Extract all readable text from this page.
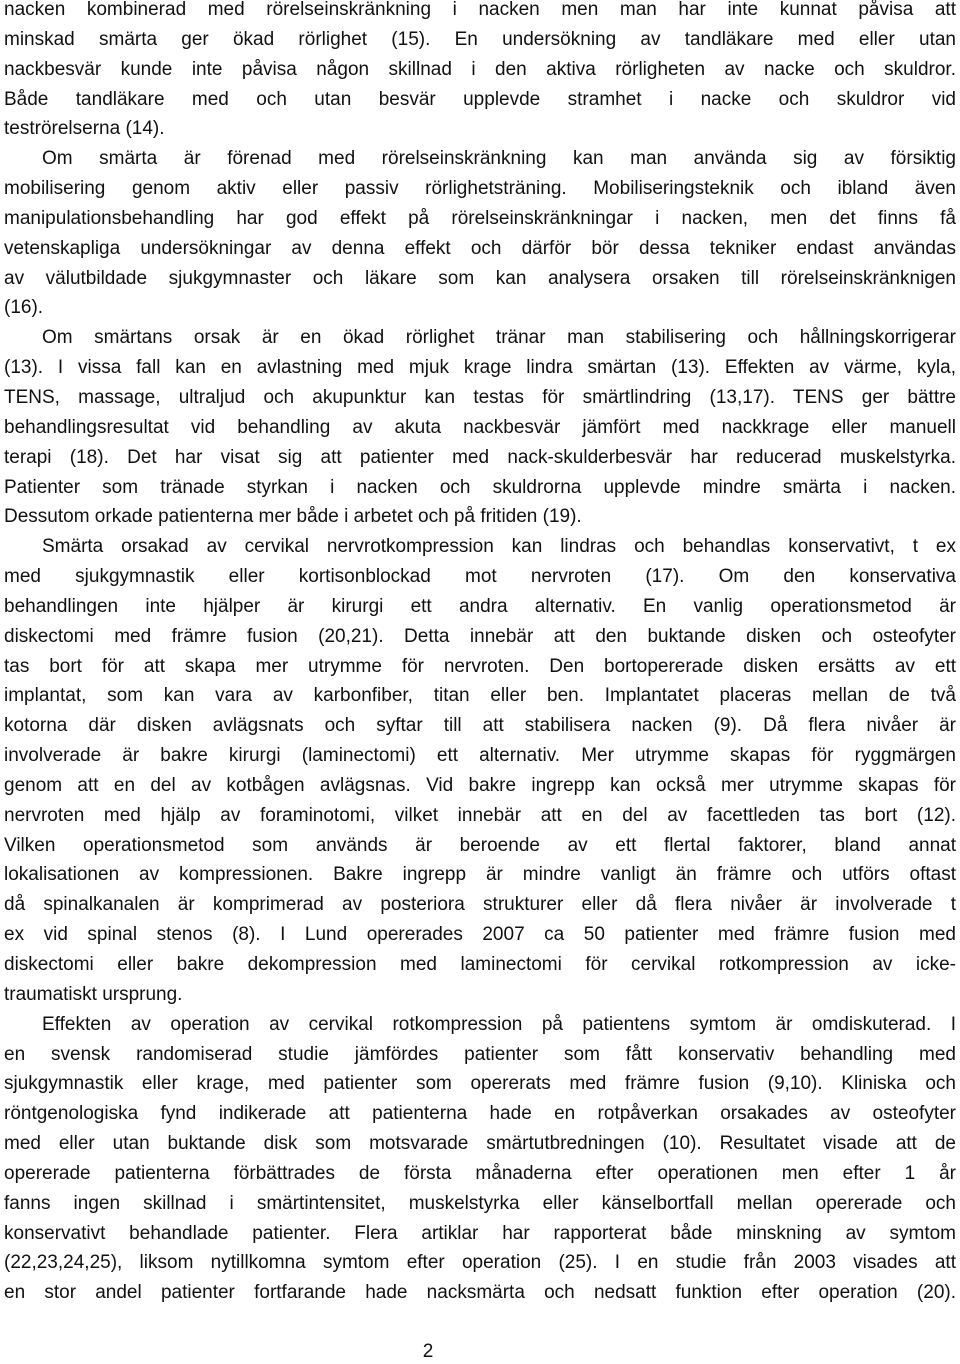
nacken kombinerad med rörelseinskränkning i nacken men man har inte kunnat påvisa att
minskad smärta ger ökad rörlighet (15). En undersökning av tandläkare med eller utan
nackbesvär kunde inte påvisa någon skillnad i den aktiva rörligheten av nacke och skuldror.
Både tandläkare med och utan besvär upplevde stramhet i nacke och skuldror vid
teströrelserna (14).
Om smärta är förenad med rörelseinskränkning kan man använda sig av försiktig
mobilisering genom aktiv eller passiv rörlighetsträning. Mobiliseringsteknik och ibland även
manipulationsbehandling har god effekt på rörelseinskränkningar i nacken, men det finns få
vetenskapliga undersökningar av denna effekt och därför bör dessa tekniker endast användas
av välutbildade sjukgymnaster och läkare som kan analysera orsaken till rörelseinskränknigen
(16).
Om smärtans orsak är en ökad rörlighet tränar man stabilisering och hållningskorrigerar
(13). I vissa fall kan en avlastning med mjuk krage lindra smärtan (13). Effekten av värme, kyla,
TENS, massage, ultraljud och akupunktur kan testas för smärtlindring (13,17). TENS ger bättre
behandlingsresultat vid behandling av akuta nackbesvär jämfört med nackkrage eller manuell
terapi (18). Det har visat sig att patienter med nack-skulderbesvär har reducerad muskelstyrka.
Patienter som tränade styrkan i nacken och skuldrorna upplevde mindre smärta i nacken.
Dessutom orkade patienterna mer både i arbetet och på fritiden (19).
Smärta orsakad av cervikal nervrotkompression kan lindras och behandlas konservativt, t ex
med sjukgymnastik eller kortisonblockad mot nervroten (17). Om den konservativa
behandlingen inte hjälper är kirurgi ett andra alternativ. En vanlig operationsmetod är
diskectomi med främre fusion (20,21). Detta innebär att den buktande disken och osteofyter
tas bort för att skapa mer utrymme för nervroten. Den bortopererade disken ersätts av ett
implantat, som kan vara av karbonfiber, titan eller ben. Implantatet placeras mellan de två
kotorna där disken avlägsnats och syftar till att stabilisera nacken (9). Då flera nivåer är
involverade är bakre kirurgi (laminectomi) ett alternativ. Mer utrymme skapas för ryggmärgen
genom att en del av kotbågen avlägsnas. Vid bakre ingrepp kan också mer utrymme skapas för
nervroten med hjälp av foraminotomi, vilket innebär att en del av facettleden tas bort (12).
Vilken operationsmetod som används är beroende av ett flertal faktorer, bland annat
lokalisationen av kompressionen. Bakre ingrepp är mindre vanligt än främre och utförs oftast
då spinalkanalen är komprimerad av posteriora strukturer eller då flera nivåer är involverade t
ex vid spinal stenos (8). I Lund opererades 2007 ca 50 patienter med främre fusion med
diskectomi eller bakre dekompression med laminectomi för cervikal rotkompression av icke-
traumatiskt ursprung.
Effekten av operation av cervikal rotkompression på patientens symtom är omdiskuterad. I
en svensk randomiserad studie jämfördes patienter som fått konservativ behandling med
sjukgymnastik eller krage, med patienter som opererats med främre fusion (9,10). Kliniska och
röntgenologiska fynd indikerade att patienterna hade en rotpåverkan orsakades av osteofyter
med eller utan buktande disk som motsvarade smärtutbredningen (10). Resultatet visade att de
opererade patienterna förbättrades de första månaderna efter operationen men efter 1 år
fanns ingen skillnad i smärtintensitet, muskelstyrka eller känselbortfall mellan opererade och
konservativt behandlade patienter. Flera artiklar har rapporterat både minskning av symtom
(22,23,24,25), liksom nytillkomna symtom efter operation (25). I en studie från 2003 visades att
en stor andel patienter fortfarande hade nacksmärta och nedsatt funktion efter operation (20).
2
